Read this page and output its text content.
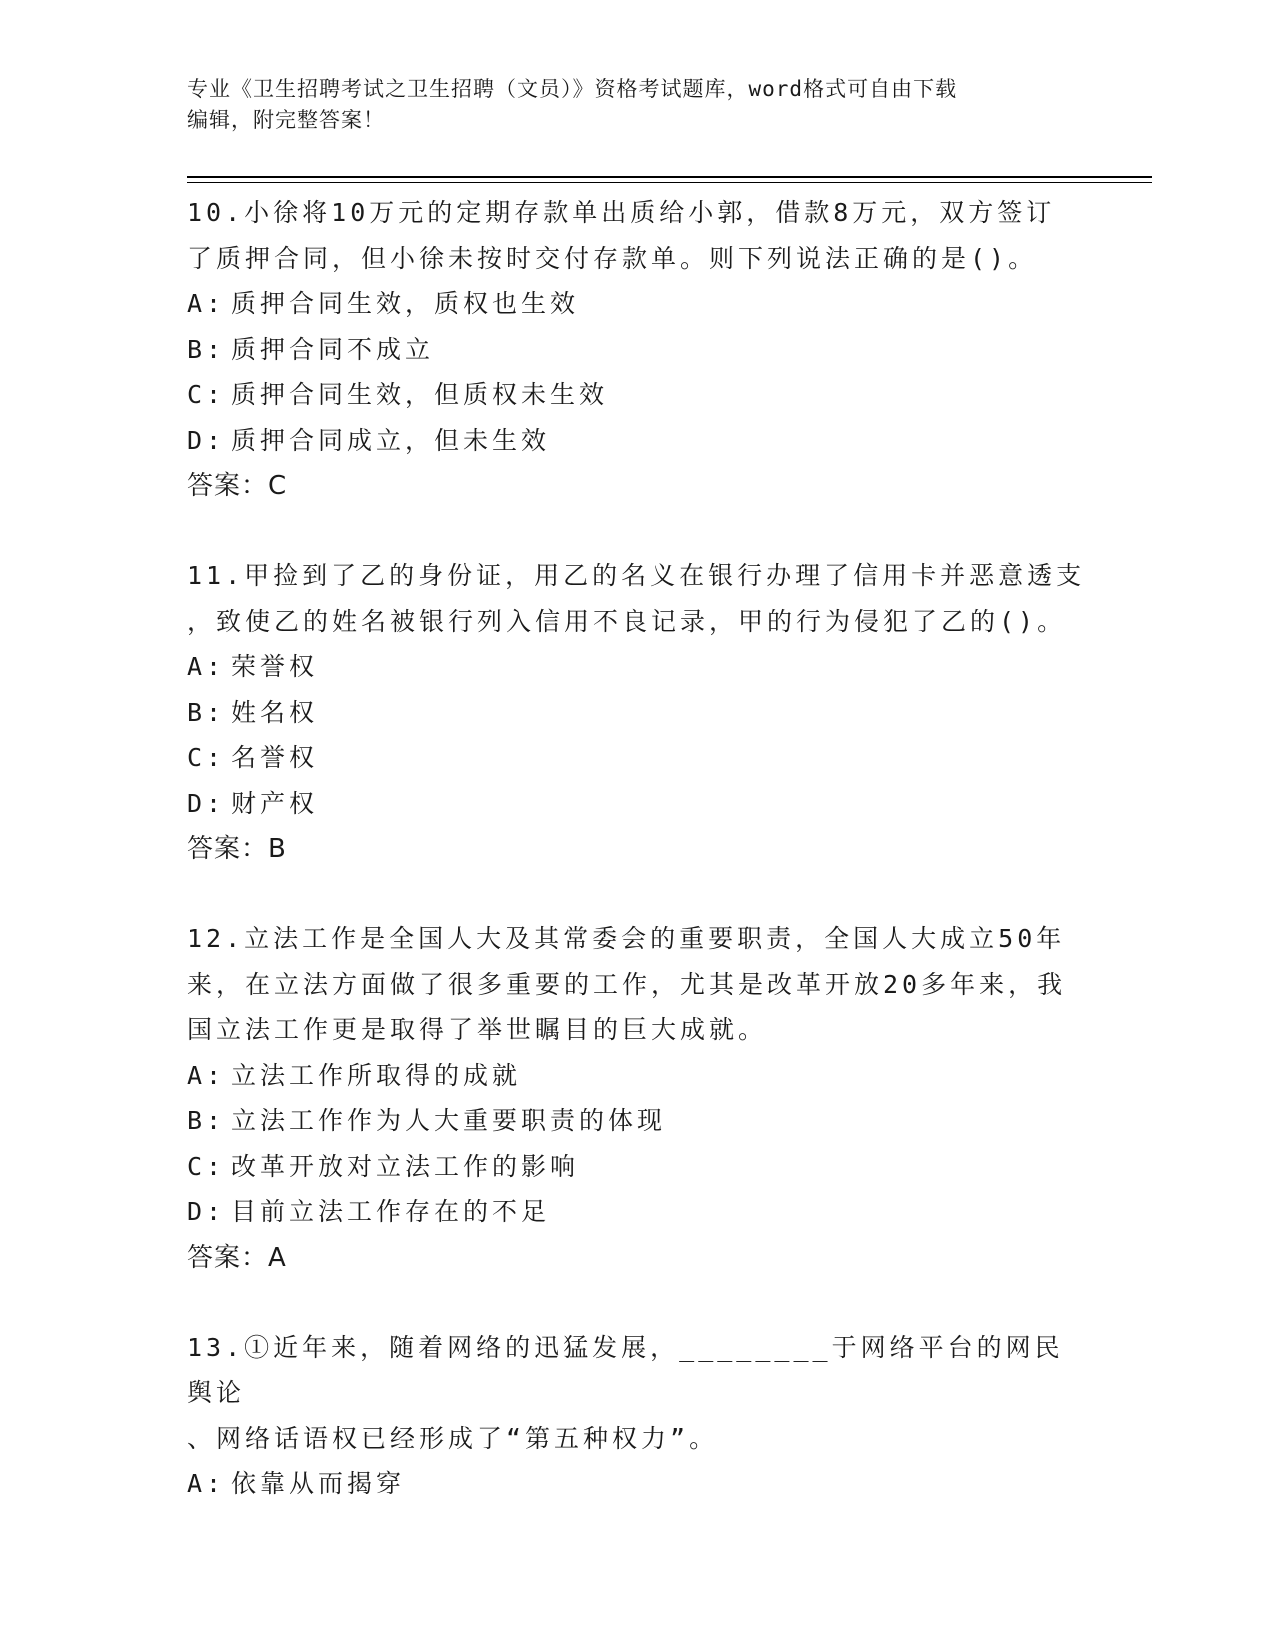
专业《卫生招聘考试之卫生招聘（文员）》资格考试题库，word格式可自由下载
编辑，附完整答案！
10.小徐将10万元的定期存款单出质给小郭，借款8万元，双方签订
了质押合同，但小徐未按时交付存款单。则下列说法正确的是()。
A: 质押合同生效，质权也生效
B: 质押合同不成立
C: 质押合同生效，但质权未生效
D: 质押合同成立，但未生效
答案：C
11.甲捡到了乙的身份证，用乙的名义在银行办理了信用卡并恶意透支
，致使乙的姓名被银行列入信用不良记录，甲的行为侵犯了乙的()。
A: 荣誉权
B: 姓名权
C: 名誉权
D: 财产权
答案：B
12.立法工作是全国人大及其常委会的重要职责，全国人大成立50年
来，在立法方面做了很多重要的工作，尤其是改革开放20多年来，我
国立法工作更是取得了举世瞩目的巨大成就。
A: 立法工作所取得的成就
B: 立法工作作为人大重要职责的体现
C: 改革开放对立法工作的影响
D: 目前立法工作存在的不足
答案：A
13.①近年来，随着网络的迅猛发展，________于网络平台的网民舆论
、网络话语权已经形成了“第五种权力”。
A: 依靠从而揭穿
